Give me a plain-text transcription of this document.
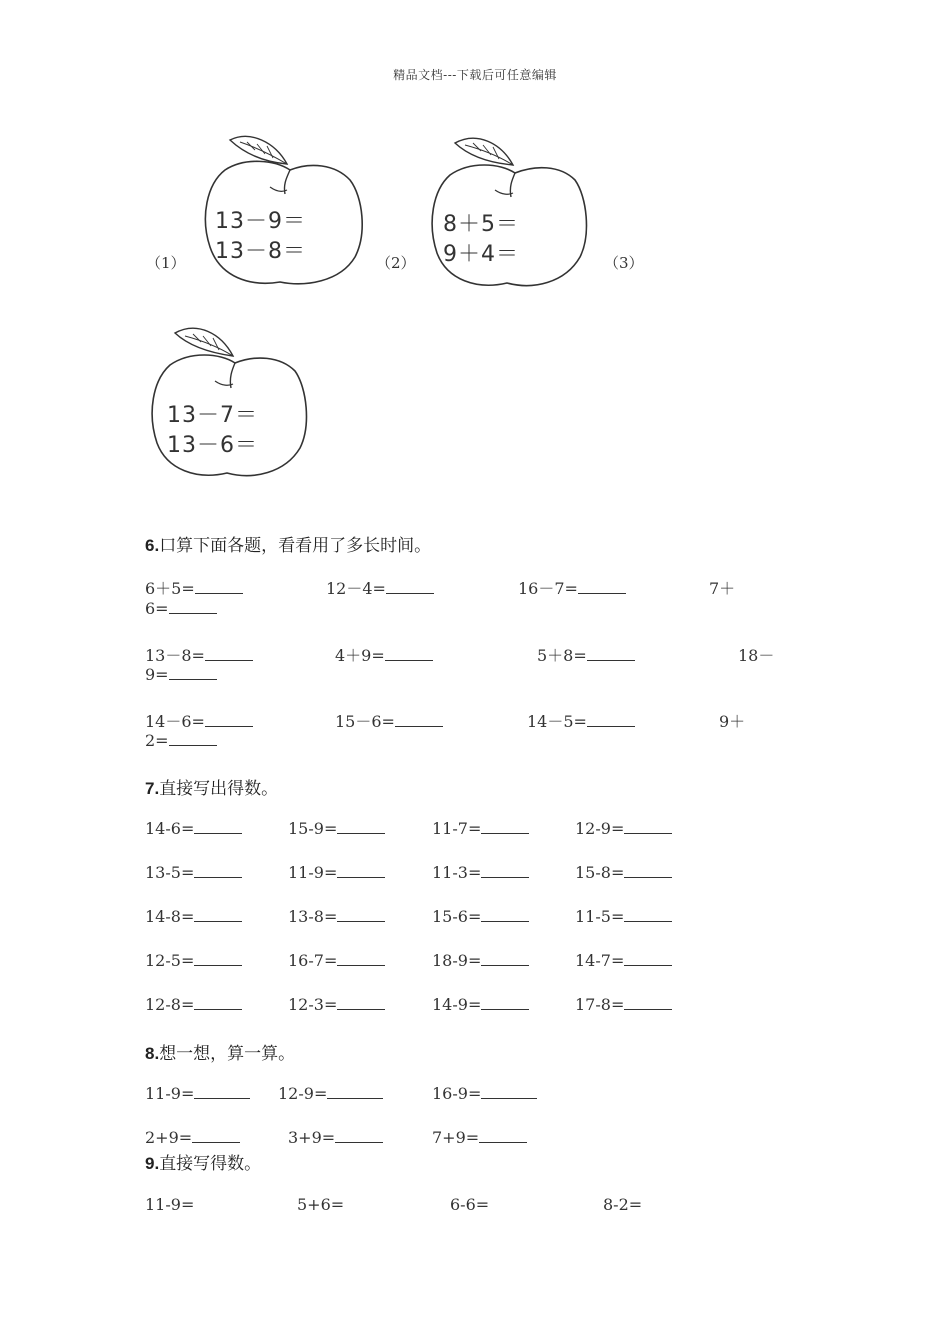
精品文档---下载后可任意编辑
13－9＝
13－8＝
（1）
8＋5＝
9＋4＝
（2）	（3）
13－7＝
13－6＝
6.口算下面各题，看看用了多长时间。
6＋5=	12－4=	16－7=	7＋
6=
13－8=	4＋9=	5＋8=	18－
9=
14－6=	15－6=	14－5=	9＋
2=
7.直接写出得数。
14-6=	15-9=	11-7=	12-9=
13-5=	11-9=	11-3=	15-8=
14-8=	13-8=	15-6=	11-5=
12-5=	16-7=	18-9=	14-7=
12-8=	12-3=	14-9=	17-8=
8.想一想，算一算。
11-9=	12-9=	16-9=
2+9=	3+9=	7+9=
9.直接写得数。
11-9=	5+6=	6-6=	8-2=
